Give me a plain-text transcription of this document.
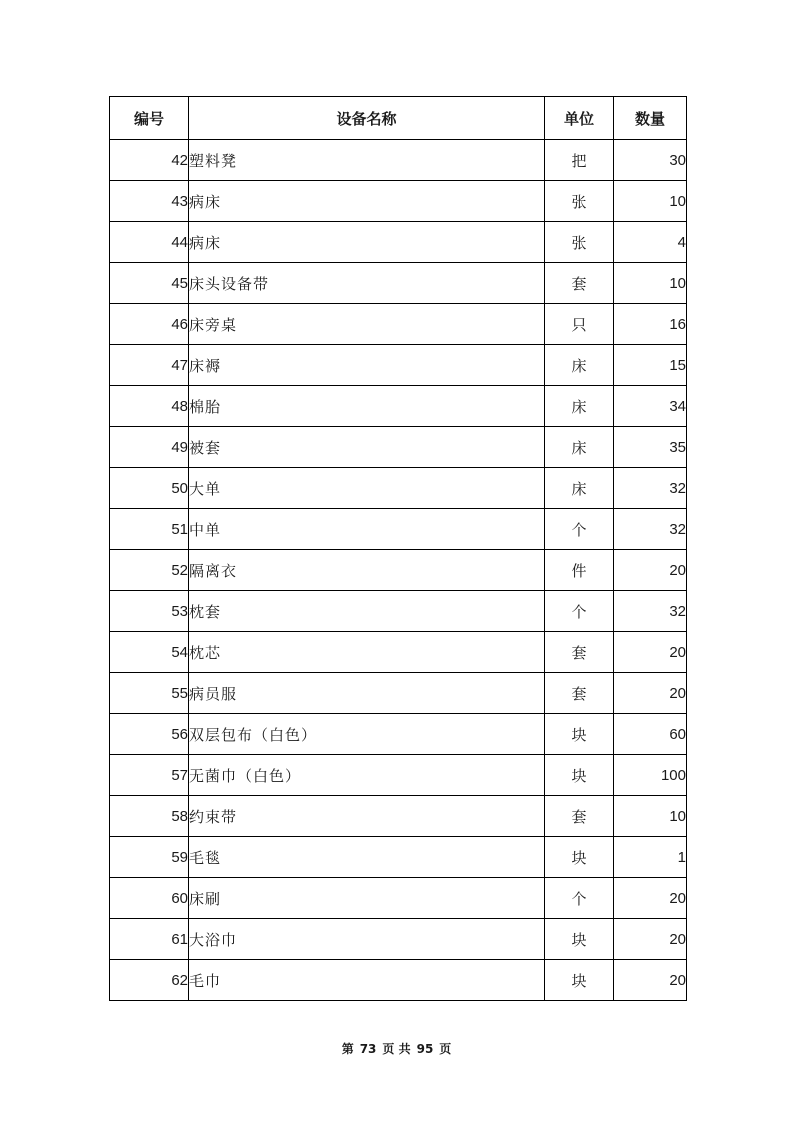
编号	设备名称	单位	数量
42	塑料凳	把	30
43	病床	张	10
44	病床	张	4
45	床头设备带	套	10
46	床旁桌	只	16
47	床褥	床	15
48	棉胎	床	34
49	被套	床	35
50	大单	床	32
51	中单	个	32
52	隔离衣	件	20
53	枕套	个	32
54	枕芯	套	20
55	病员服	套	20
56	双层包布（白色）	块	60
57	无菌巾（白色）	块	100
58	约束带	套	10
59	毛毯	块	1
60	床刷	个	20
61	大浴巾	块	20
62	毛巾	块	20
第 73 页 共 95 页
